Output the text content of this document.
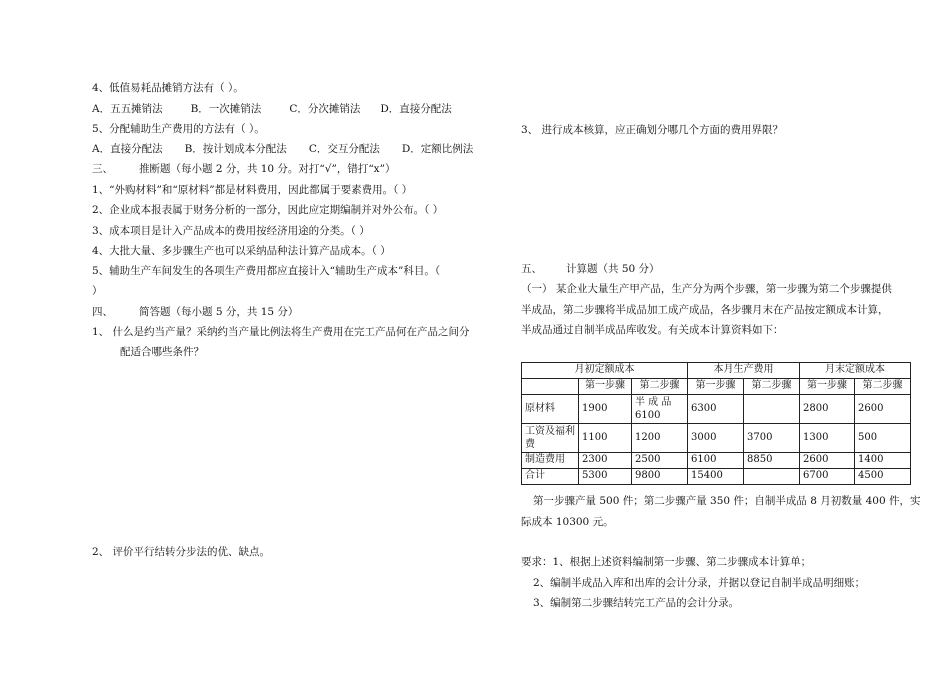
4、低值易耗品摊销方法有（ ）。
A．五五摊销法	B．一次摊销法	C．分次摊销法 D．直接分配法
5、分配辅助生产费用的方法有（ ）。
A．直接分配法 B．按计划成本分配法 C．交互分配法 D．定额比例法
三、 推断题（每小题 2 分，共 10 分。对打“√”，错打“x”）
1、“外购材料”和“原材料”都是材料费用，因此都属于要素费用。（ ）
2、企业成本报表属于财务分析的一部分，因此应定期编制并对外公布。（ ）
3、成本项目是计入产品成本的费用按经济用途的分类。（ ）
4、大批大量、多步骤生产也可以采纳品种法计算产品成本。（ ）
5、辅助生产车间发生的各项生产费用都应直接计入“辅助生产成本”科目。（
）
四、 简答题（每小题 5 分，共 15 分）
1、 什么是约当产量？采纳约当产量比例法将生产费用在完工产品何在产品之间分
配适合哪些条件？
2、 评价平行结转分步法的优、缺点。
3、 进行成本核算，应正确划分哪几个方面的费用界限？
五、 计算题（共 50 分）
（一） 某企业大量生产甲产品，生产分为两个步骤，第一步骤为第二个步骤提供
半成品，第二步骤将半成品加工成产成品，各步骤月末在产品按定额成本计算，
半成品通过自制半成品库收发。有关成本计算资料如下：
月初定额成本			本月生产费用		月末定额成本	
	第一步骤	第二步骤	第一步骤	第二步骤	第一步骤	第二步骤
原材料	1900	半 成 品 6100	6300		2800	2600
工资及福利费	1100	1200	3000	3700	1300	500
制造费用	2300	2500	6100	8850	2600	1400
合计	5300	9800	15400		6700	4500
第一步骤产量 500 件；第二步骤产量 350 件；自制半成品 8 月初数量 400 件，实
际成本 10300 元。
要求：1、根据上述资料编制第一步骤、第二步骤成本计算单；
2、编制半成品入库和出库的会计分录，并据以登记自制半成品明细账；
3、编制第二步骤结转完工产品的会计分录。
